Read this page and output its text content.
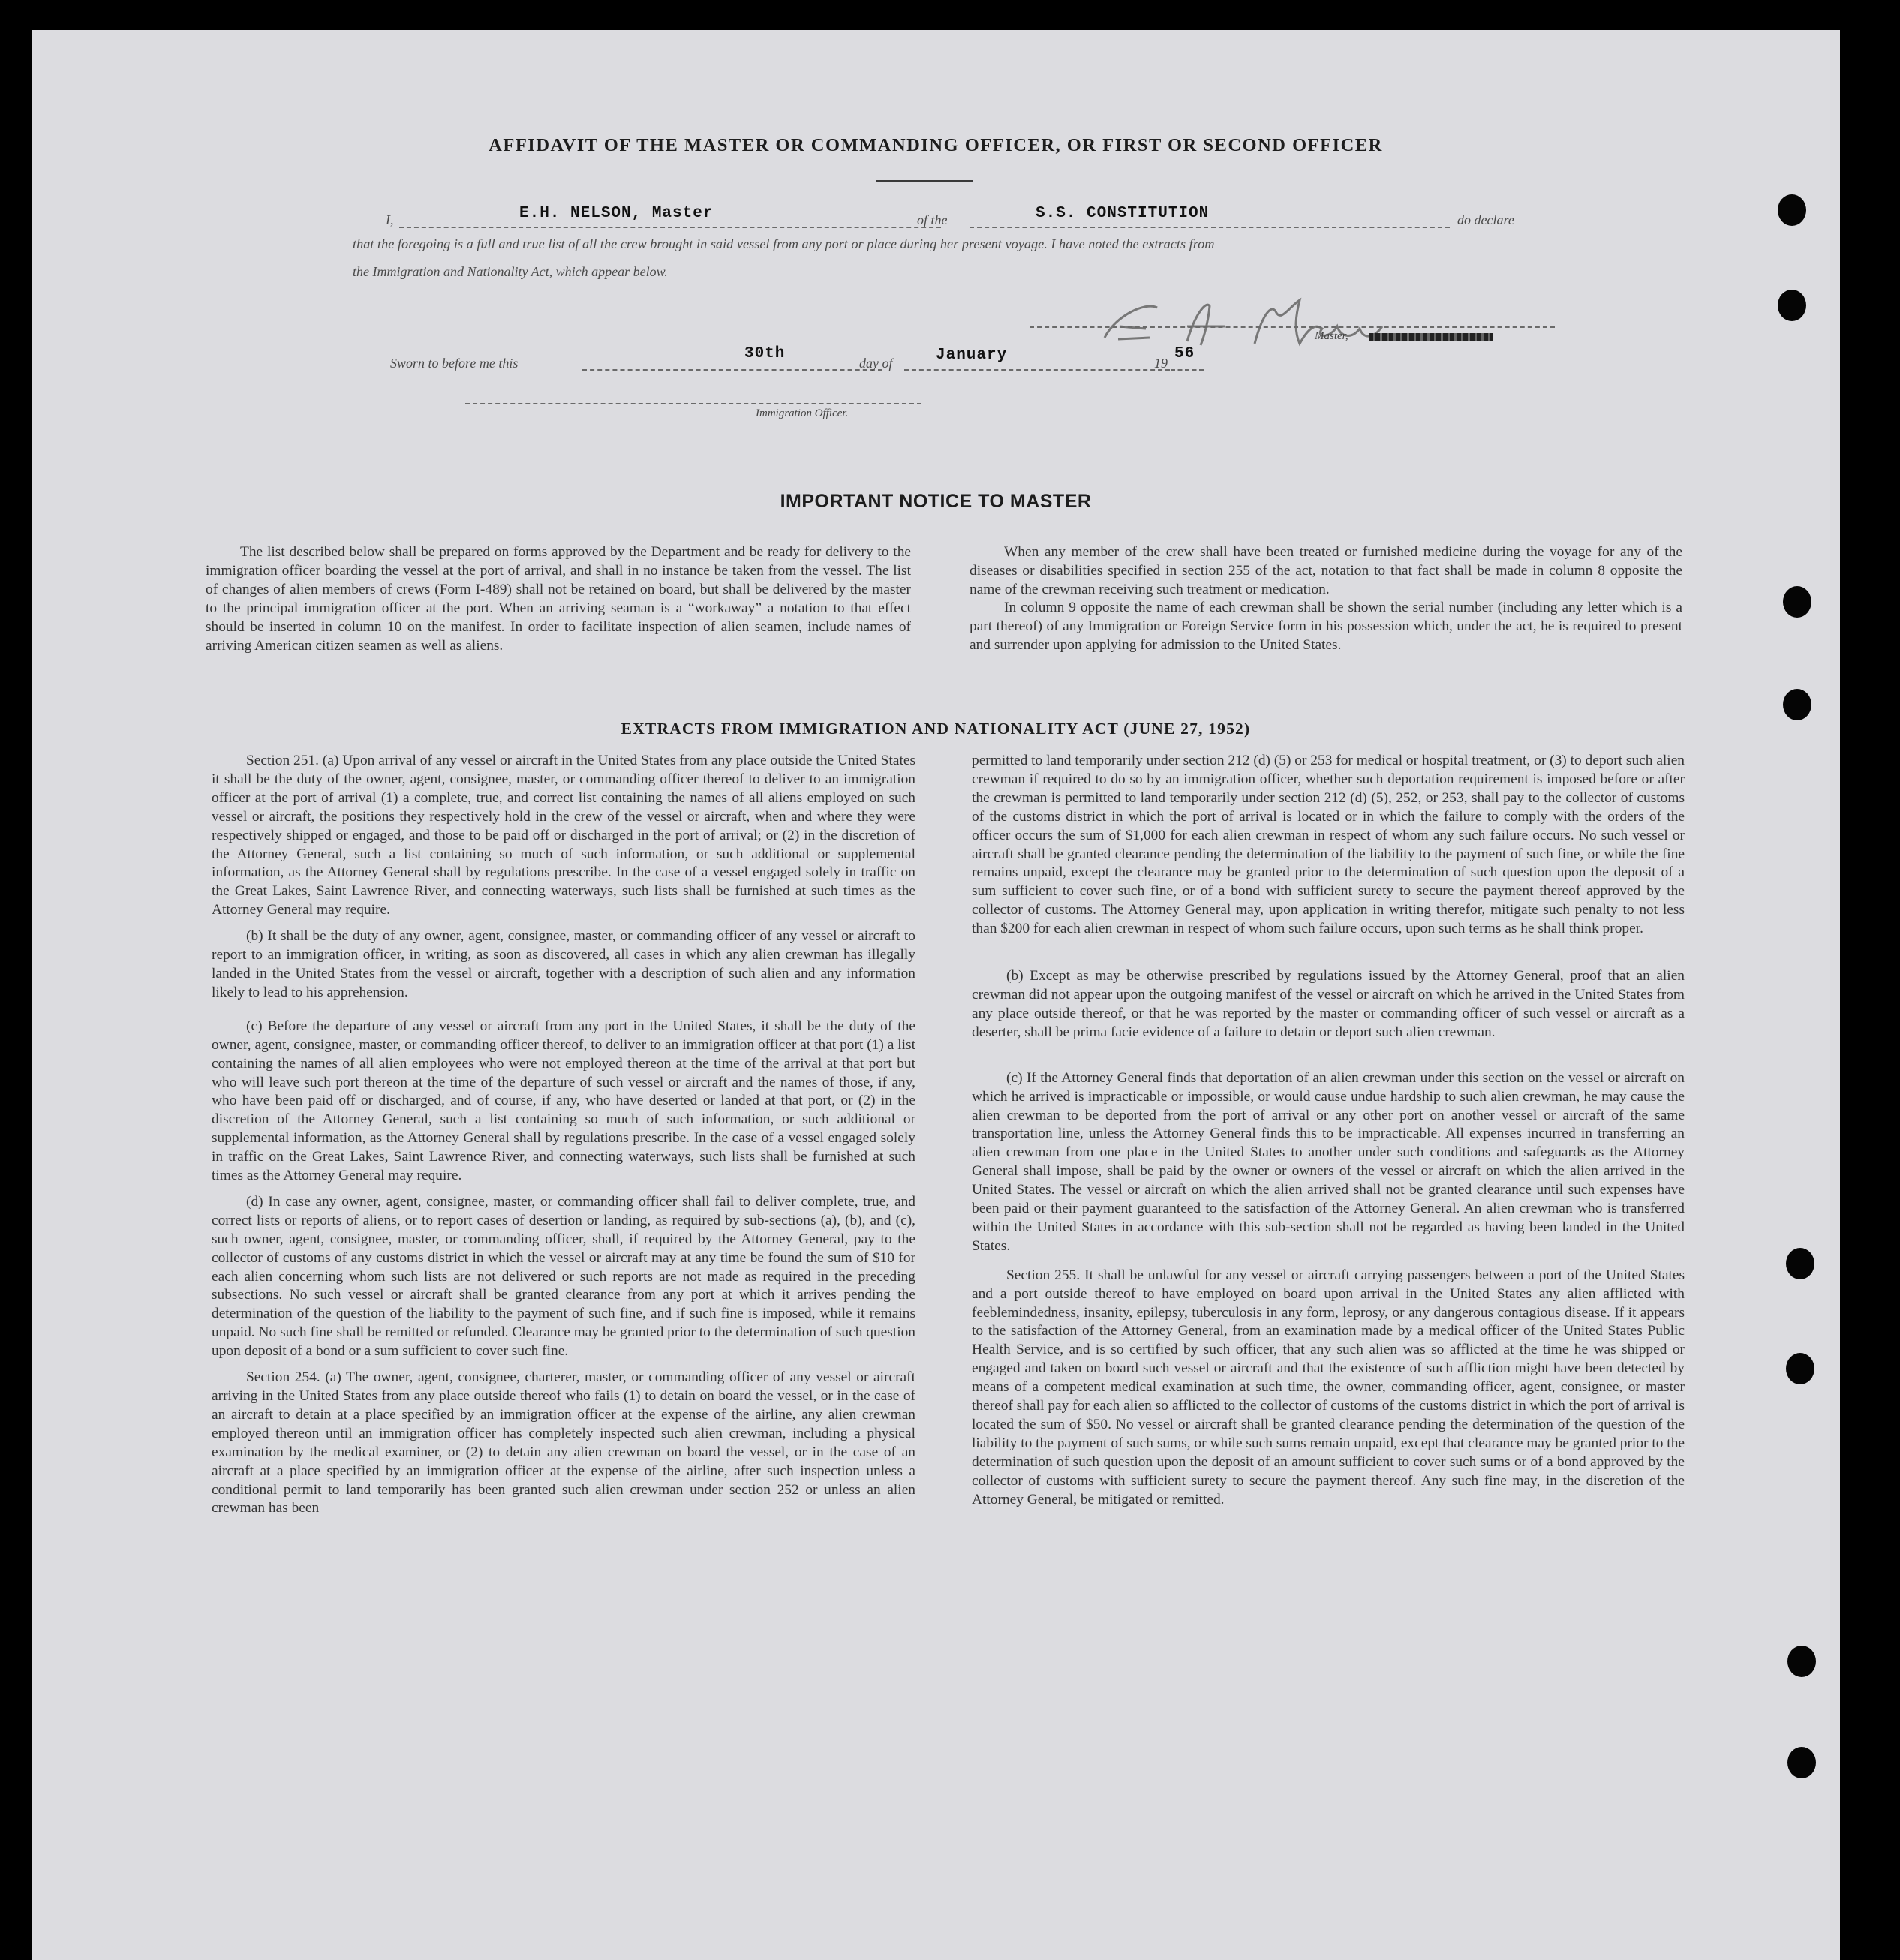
AFFIDAVIT OF THE MASTER OR COMMANDING OFFICER, OR FIRST OR SECOND OFFICER
I,	E.H. NELSON, Master	of the	S.S. CONSTITUTION	do declare
that the foregoing is a full and true list of all the crew brought in said vessel from any port or place during her present voyage. I have noted the extracts from
the Immigration and Nationality Act, which appear below.
Master,
Sworn to before me this
30th
day of	January	19
56
Immigration Officer.
IMPORTANT NOTICE TO MASTER

The list described below shall be prepared on forms approved by the Department and be ready for delivery to the immigration officer boarding the vessel at the port of arrival, and shall in no instance be taken from the vessel. The list of changes of alien members of crews (Form I-489) shall not be retained on board, but shall be delivered by the master to the principal immigration officer at the port. When an arriving seaman is a “workaway” a notation to that effect should be inserted in column 10 on the manifest. In order to facilitate inspection of alien seamen, include names of arriving American citizen seamen as well as aliens.

When any member of the crew shall have been treated or furnished medicine during the voyage for any of the diseases or disabilities specified in section 255 of the act, notation to that fact shall be made in column 8 opposite the name of the crewman receiving such treatment or medication.

In column 9 opposite the name of each crewman shall be shown the serial number (including any letter which is a part thereof) of any Immigration or Foreign Service form in his possession which, under the act, he is required to present and surrender upon applying for admission to the United States.

EXTRACTS FROM IMMIGRATION AND NATIONALITY ACT (JUNE 27, 1952)

Section 251. (a) Upon arrival of any vessel or aircraft in the United States from any place outside the United States it shall be the duty of the owner, agent, consignee, master, or commanding officer thereof to deliver to an immigration officer at the port of arrival (1) a complete, true, and correct list containing the names of all aliens employed on such vessel or aircraft, the positions they respectively hold in the crew of the vessel or aircraft, when and where they were respectively shipped or engaged, and those to be paid off or discharged in the port of arrival; or (2) in the discretion of the Attorney General, such a list containing so much of such information, or such additional or supplemental information, as the Attorney General shall by regulations prescribe. In the case of a vessel engaged solely in traffic on the Great Lakes, Saint Lawrence River, and connecting waterways, such lists shall be furnished at such times as the Attorney General may require.

(b) It shall be the duty of any owner, agent, consignee, master, or commanding officer of any vessel or aircraft to report to an immigration officer, in writing, as soon as discovered, all cases in which any alien crewman has illegally landed in the United States from the vessel or aircraft, together with a description of such alien and any information likely to lead to his apprehension.

(c) Before the departure of any vessel or aircraft from any port in the United States, it shall be the duty of the owner, agent, consignee, master, or commanding officer thereof, to deliver to an immigration officer at that port (1) a list containing the names of all alien employees who were not employed thereon at the time of the arrival at that port but who will leave such port thereon at the time of the departure of such vessel or aircraft and the names of those, if any, who have been paid off or discharged, and of course, if any, who have deserted or landed at that port, or (2) in the discretion of the Attorney General, such a list containing so much of such information, or such additional or supplemental information, as the Attorney General shall by regulations prescribe. In the case of a vessel engaged solely in traffic on the Great Lakes, Saint Lawrence River, and connecting waterways, such lists shall be furnished at such times as the Attorney General may require.

(d) In case any owner, agent, consignee, master, or commanding officer shall fail to deliver complete, true, and correct lists or reports of aliens, or to report cases of desertion or landing, as required by sub-sections (a), (b), and (c), such owner, agent, consignee, master, or commanding officer, shall, if required by the Attorney General, pay to the collector of customs of any customs district in which the vessel or aircraft may at any time be found the sum of $10 for each alien concerning whom such lists are not delivered or such reports are not made as required in the preceding subsections. No such vessel or aircraft shall be granted clearance from any port at which it arrives pending the determination of the question of the liability to the payment of such fine, and if such fine is imposed, while it remains unpaid. No such fine shall be remitted or refunded. Clearance may be granted prior to the determination of such question upon deposit of a bond or a sum sufficient to cover such fine.

Section 254. (a) The owner, agent, consignee, charterer, master, or commanding officer of any vessel or aircraft arriving in the United States from any place outside thereof who fails (1) to detain on board the vessel, or in the case of an aircraft to detain at a place specified by an immigration officer at the expense of the airline, any alien crewman employed thereon until an immigration officer has completely inspected such alien crewman, including a physical examination by the medical examiner, or (2) to detain any alien crewman on board the vessel, or in the case of an aircraft at a place specified by an immigration officer at the expense of the airline, after such inspection unless a conditional permit to land temporarily has been granted such alien crewman under section 252 or unless an alien crewman has been

permitted to land temporarily under section 212 (d) (5) or 253 for medical or hospital treatment, or (3) to deport such alien crewman if required to do so by an immigration officer, whether such deportation requirement is imposed before or after the crewman is permitted to land temporarily under section 212 (d) (5), 252, or 253, shall pay to the collector of customs of the customs district in which the port of arrival is located or in which the failure to comply with the orders of the officer occurs the sum of $1,000 for each alien crewman in respect of whom any such failure occurs. No such vessel or aircraft shall be granted clearance pending the determination of the liability to the payment of such fine, or while the fine remains unpaid, except the clearance may be granted prior to the determination of such question upon the deposit of a sum sufficient to cover such fine, or of a bond with sufficient surety to secure the payment thereof approved by the collector of customs. The Attorney General may, upon application in writing therefor, mitigate such penalty to not less than $200 for each alien crewman in respect of whom such failure occurs, upon such terms as he shall think proper.

(b) Except as may be otherwise prescribed by regulations issued by the Attorney General, proof that an alien crewman did not appear upon the outgoing manifest of the vessel or aircraft on which he arrived in the United States from any place outside thereof, or that he was reported by the master or commanding officer of such vessel or aircraft as a deserter, shall be prima facie evidence of a failure to detain or deport such alien crewman.

(c) If the Attorney General finds that deportation of an alien crewman under this section on the vessel or aircraft on which he arrived is impracticable or impossible, or would cause undue hardship to such alien crewman, he may cause the alien crewman to be deported from the port of arrival or any other port on another vessel or aircraft of the same transportation line, unless the Attorney General finds this to be impracticable. All expenses incurred in transferring an alien crewman from one place in the United States to another under such conditions and safeguards as the Attorney General shall impose, shall be paid by the owner or owners of the vessel or aircraft on which the alien arrived in the United States. The vessel or aircraft on which the alien arrived shall not be granted clearance until such expenses have been paid or their payment guaranteed to the satisfaction of the Attorney General. An alien crewman who is transferred within the United States in accordance with this sub-section shall not be regarded as having been landed in the United States.

Section 255. It shall be unlawful for any vessel or aircraft carrying passengers between a port of the United States and a port outside thereof to have employed on board upon arrival in the United States any alien afflicted with feeblemindedness, insanity, epilepsy, tuberculosis in any form, leprosy, or any dangerous contagious disease. If it appears to the satisfaction of the Attorney General, from an examination made by a medical officer of the United States Public Health Service, and is so certified by such officer, that any such alien was so afflicted at the time he was shipped or engaged and taken on board such vessel or aircraft and that the existence of such affliction might have been detected by means of a competent medical examination at such time, the owner, commanding officer, agent, consignee, or master thereof shall pay for each alien so afflicted to the collector of customs of the customs district in which the port of arrival is located the sum of $50. No vessel or aircraft shall be granted clearance pending the determination of the question of the liability to the payment of such sums, or while such sums remain unpaid, except that clearance may be granted prior to the determination of such question upon the deposit of an amount sufficient to cover such sums or of a bond approved by the collector of customs with sufficient surety to secure the payment thereof. Any such fine may, in the discretion of the Attorney General, be mitigated or remitted.
